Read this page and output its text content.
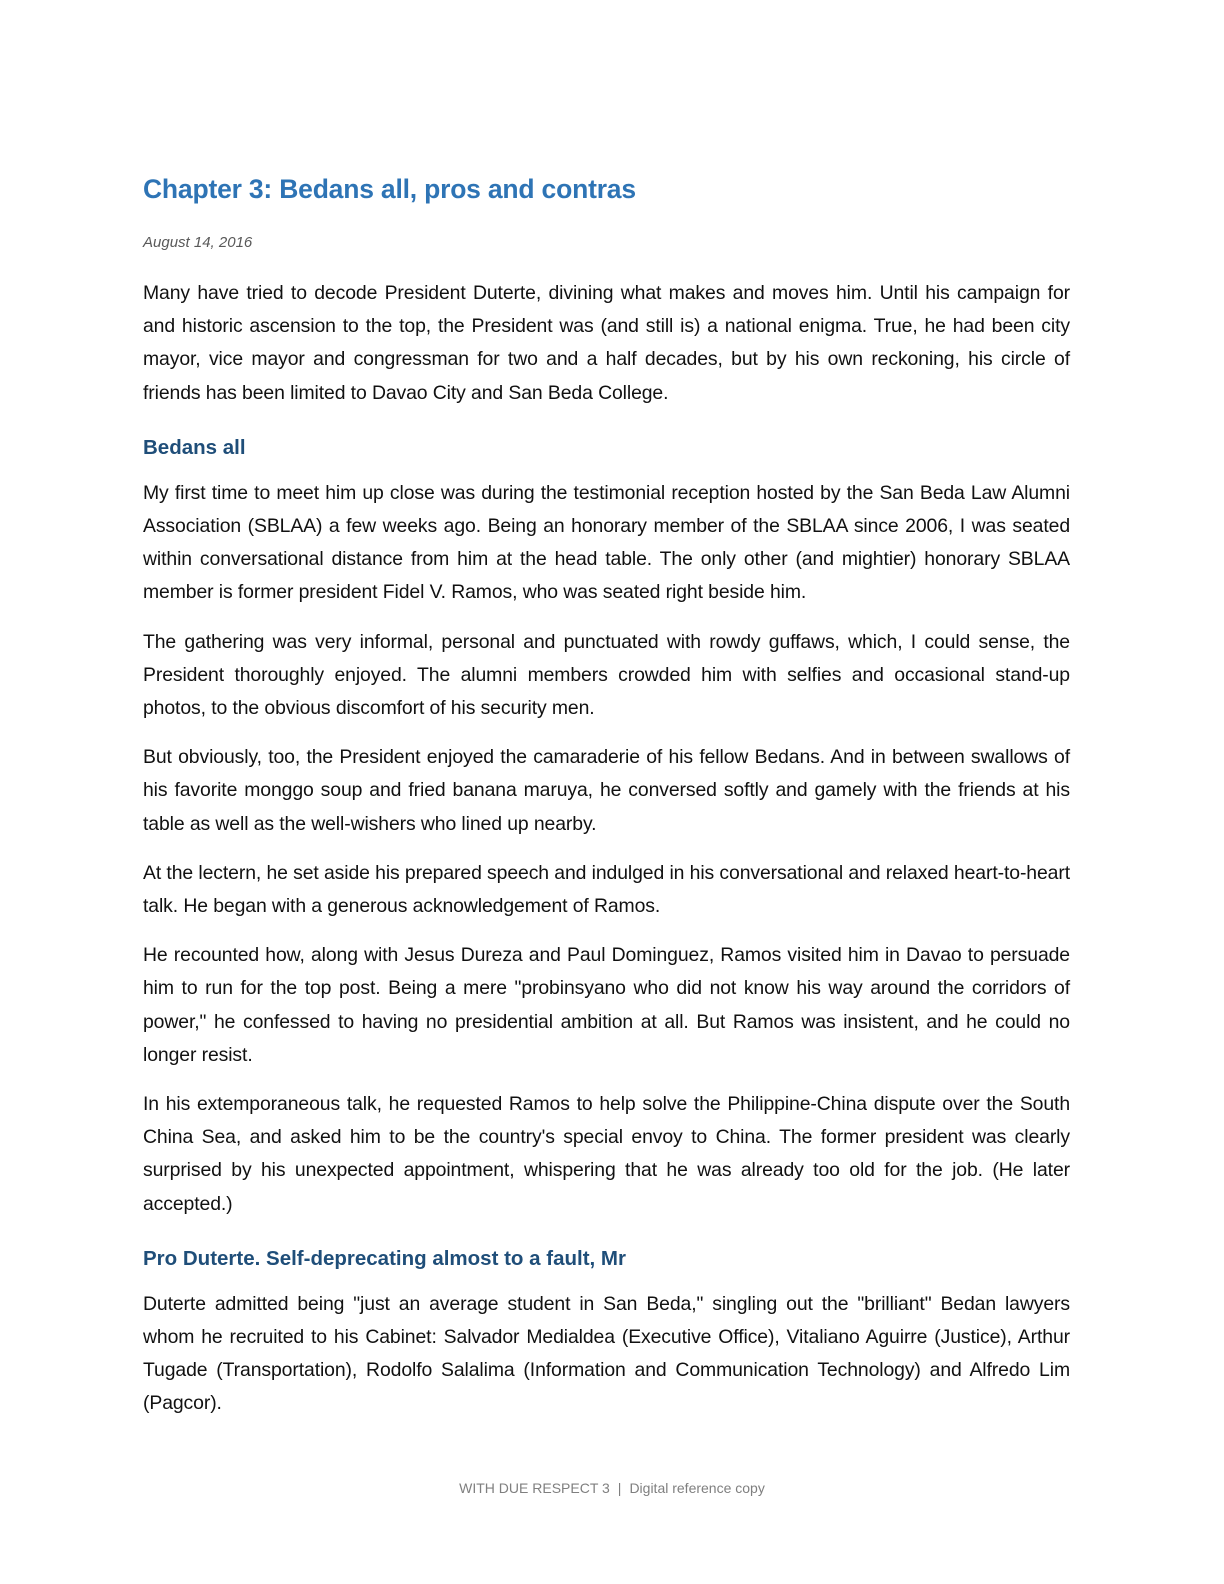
Chapter 3: Bedans all, pros and contras
August 14, 2016

Many have tried to decode President Duterte, divining what makes and moves him. Until his campaign for and historic ascension to the top, the President was (and still is) a national enigma. True, he had been city mayor, vice mayor and congressman for two and a half decades, but by his own reckoning, his circle of friends has been limited to Davao City and San Beda College.

Bedans all

My first time to meet him up close was during the testimonial reception hosted by the San Beda Law Alumni Association (SBLAA) a few weeks ago. Being an honorary member of the SBLAA since 2006, I was seated within conversational distance from him at the head table. The only other (and mightier) honorary SBLAA member is former president Fidel V. Ramos, who was seated right beside him.

The gathering was very informal, personal and punctuated with rowdy guffaws, which, I could sense, the President thoroughly enjoyed. The alumni members crowded him with selfies and occasional stand-up photos, to the obvious discomfort of his security men.

But obviously, too, the President enjoyed the camaraderie of his fellow Bedans. And in between swallows of his favorite monggo soup and fried banana maruya, he conversed softly and gamely with the friends at his table as well as the well-wishers who lined up nearby.

At the lectern, he set aside his prepared speech and indulged in his conversational and relaxed heart-to-heart talk. He began with a generous acknowledgement of Ramos.

He recounted how, along with Jesus Dureza and Paul Dominguez, Ramos visited him in Davao to persuade him to run for the top post. Being a mere "probinsyano who did not know his way around the corridors of power," he confessed to having no presidential ambition at all. But Ramos was insistent, and he could no longer resist.

In his extemporaneous talk, he requested Ramos to help solve the Philippine-China dispute over the South China Sea, and asked him to be the country's special envoy to China. The former president was clearly surprised by his unexpected appointment, whispering that he was already too old for the job. (He later accepted.)

Pro Duterte. Self-deprecating almost to a fault, Mr

Duterte admitted being "just an average student in San Beda," singling out the "brilliant" Bedan lawyers whom he recruited to his Cabinet: Salvador Medialdea (Executive Office), Vitaliano Aguirre (Justice), Arthur Tugade (Transportation), Rodolfo Salalima (Information and Communication Technology) and Alfredo Lim (Pagcor).

WITH DUE RESPECT 3 | Digital reference copy
